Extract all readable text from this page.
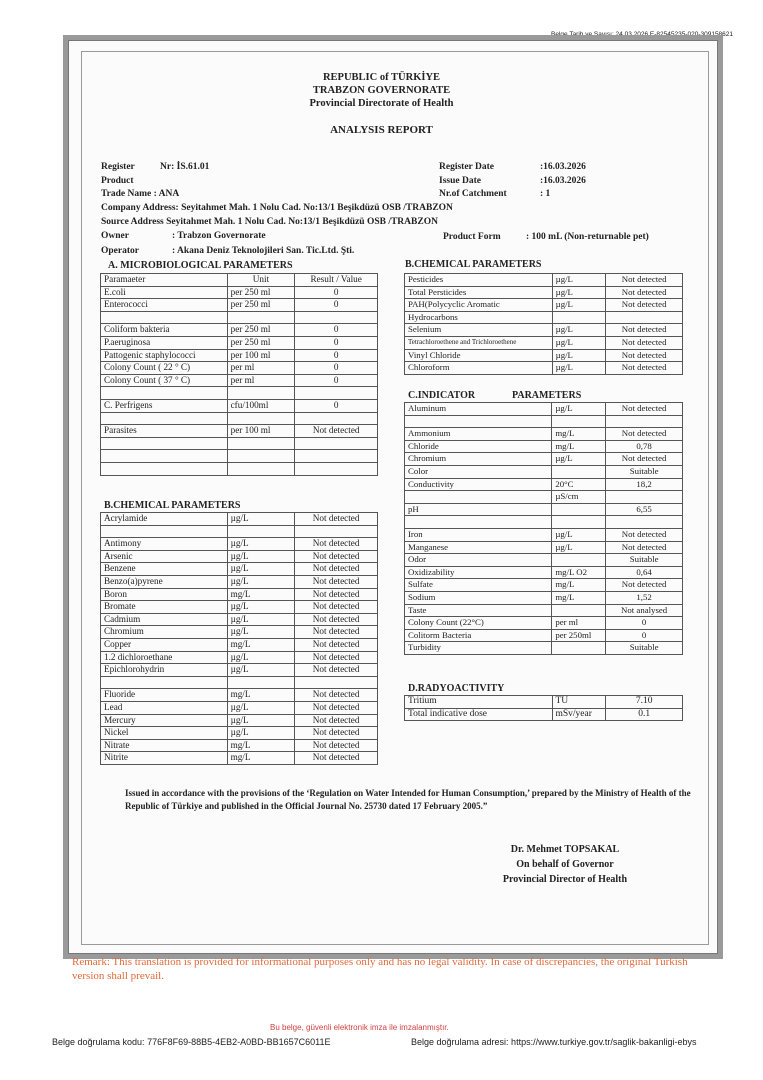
Belge Tarih ve Sayısı: 24.03.2026 E-82545235-020-309158621
REPUBLIC of TÜRKİYE
TRABZON GOVERNORATE
Provincial Directorate of Health
ANALYSIS REPORT
Register	Nr: İS.61.01
Product
Trade Name : ANA
Company Address: Seyitahmet Mah. 1 Nolu Cad. No:13/1 Beşikdüzü OSB /TRABZON
Source Address Seyitahmet Mah. 1 Nolu Cad. No:13/1 Beşikdüzü OSB /TRABZON
Owner	: Trabzon Governorate
Operator	: Akana Deniz Teknolojileri San. Tic.Ltd. Şti.
Register Date	:16.03.2026
Issue Date	:16.03.2026
Nr.of Catchment	: 1
Product Form	: 100 mL (Non-returnable pet)
A. MICROBIOLOGICAL PARAMETERS	B.CHEMICAL PARAMETERS
B.CHEMICAL PARAMETERS
C.INDICATOR	PARAMETERS
D.RADYOACTIVITY
Paramaeter	Unit	Result / Value
E.coli	per 250 ml	0
Enterococci	per 250 ml	0

Coliform bakteria	per 250 ml	0
P.aeruginosa	per 250 ml	0
Pattogenic staphylococci	per 100 ml	0
Colony Count ( 22 ° C)	per ml	0
Colony Count ( 37 ° C)	per ml	0

C. Perfrigens	cfu/100ml	0

Parasites	per 100 ml	Not detected

Pesticides	µg/L	Not detected
Total Persticides	µg/L	Not detected
PAH(Polycyclic Aromatic	µg/L	Not detected
Hydrocarbons		
Selenium	µg/L	Not detected
Tetrachloroethene and Trichloroethene	µg/L	Not detected
Vinyl Chloride	µg/L	Not detected
Chloroform	µg/L	Not detected
Aluminum	µg/L	Not detected

Ammonium	mg/L	Not detected
Chloride	mg/L	0,78
Chromium	µg/L	Not detected
Color		Suitable
Conductivity	20°C	18,2
	µS/cm	
pH		6,55

Iron	µg/L	Not detected
Manganese	µg/L	Not detected
Odor		Suitable
Oxidizability	mg/L O2	0,64
Sulfate	mg/L	Not detected
Sodium	mg/L	1,52
Taste		Not analysed
Colony Count (22°C)	per ml	0
Colitorm Bacteria	per 250ml	0
Turbidity		Suitable
Tritium	TU	7.10
Total indicative dose	mSv/year	0.1
Acrylamide	µg/L	Not detected

Antimony	µg/L	Not detected
Arsenic	µg/L	Not detected
Benzene	µg/L	Not detected
Benzo(a)pyrene	µg/L	Not detected
Boron	mg/L	Not detected
Bromate	µg/L	Not detected
Cadmium	µg/L	Not detected
Chromium	µg/L	Not detected
Copper	mg/L	Not detected
1.2 dichloroethane	µg/L	Not detected
Epichlorohydrin	µg/L	Not detected

Fluoride	mg/L	Not detected
Lead	µg/L	Not detected
Mercury	µg/L	Not detected
Nickel	µg/L	Not detected
Nitrate	mg/L	Not detected
Nitrite	mg/L	Not detected
Issued in accordance with the provisions of the ‘Regulation on Water Intended for Human Consumption,’ prepared by the Ministry of Health of the Republic of Türkiye and published in the Official Journal No. 25730 dated 17 February 2005.”
Dr. Mehmet TOPSAKAL
On behalf of Governor
Provincial Director of Health
Remark: This translation is provided for informational purposes only and has no legal validity. In case of discrepancies, the original Turkish version shall prevail.
Bu belge, güvenli elektronik imza ile imzalanmıştır.
Belge doğrulama kodu: 776F8F69-88B5-4EB2-A0BD-BB1657C6011E	Belge doğrulama adresi: https://www.turkiye.gov.tr/saglik-bakanligi-ebys
